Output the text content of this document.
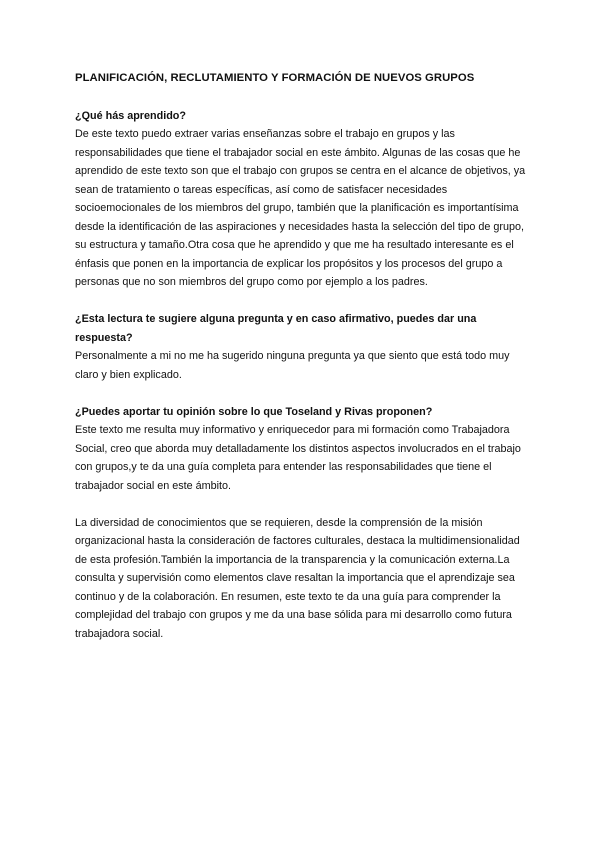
PLANIFICACIÓN, RECLUTAMIENTO Y FORMACIÓN DE NUEVOS GRUPOS
¿Qué hás aprendido?
De este texto puedo extraer varias enseñanzas sobre el trabajo en grupos y las responsabilidades que tiene el trabajador social en este ámbito. Algunas de las cosas que he aprendido de este texto son que el trabajo con grupos se centra en el alcance de objetivos, ya sean de tratamiento o tareas específicas, así como de satisfacer necesidades socioemocionales de los miembros del grupo, también que la planificación es importantísima desde la identificación de las aspiraciones y necesidades hasta la selección del tipo de grupo, su estructura y tamaño.Otra cosa que he aprendido y que me ha resultado interesante es el énfasis que ponen en la importancia de explicar los propósitos y los procesos del grupo a personas que no son miembros del grupo como por ejemplo a los padres.
¿Esta lectura te sugiere alguna pregunta y en caso afirmativo, puedes dar una respuesta?
Personalmente a mi no me ha sugerido ninguna pregunta ya que siento que está todo muy claro y bien explicado.
¿Puedes aportar tu opinión sobre lo que Toseland y Rivas proponen?
Este texto me resulta muy informativo y enriquecedor para mi formación como Trabajadora Social, creo que aborda muy detalladamente los distintos aspectos involucrados en el trabajo con grupos,y te da una guía completa para entender las responsabilidades que tiene el trabajador social en este ámbito.
La diversidad de conocimientos que se requieren, desde la comprensión de la misión organizacional hasta la consideración de factores culturales, destaca la multidimensionalidad de esta profesión.También la importancia de la transparencia y la comunicación externa.La consulta y supervisión como elementos clave resaltan la importancia que el aprendizaje sea continuo y de la colaboración. En resumen, este texto te da una guía para comprender la complejidad del trabajo con grupos y me da una base sólida para mi desarrollo como futura trabajadora social.
